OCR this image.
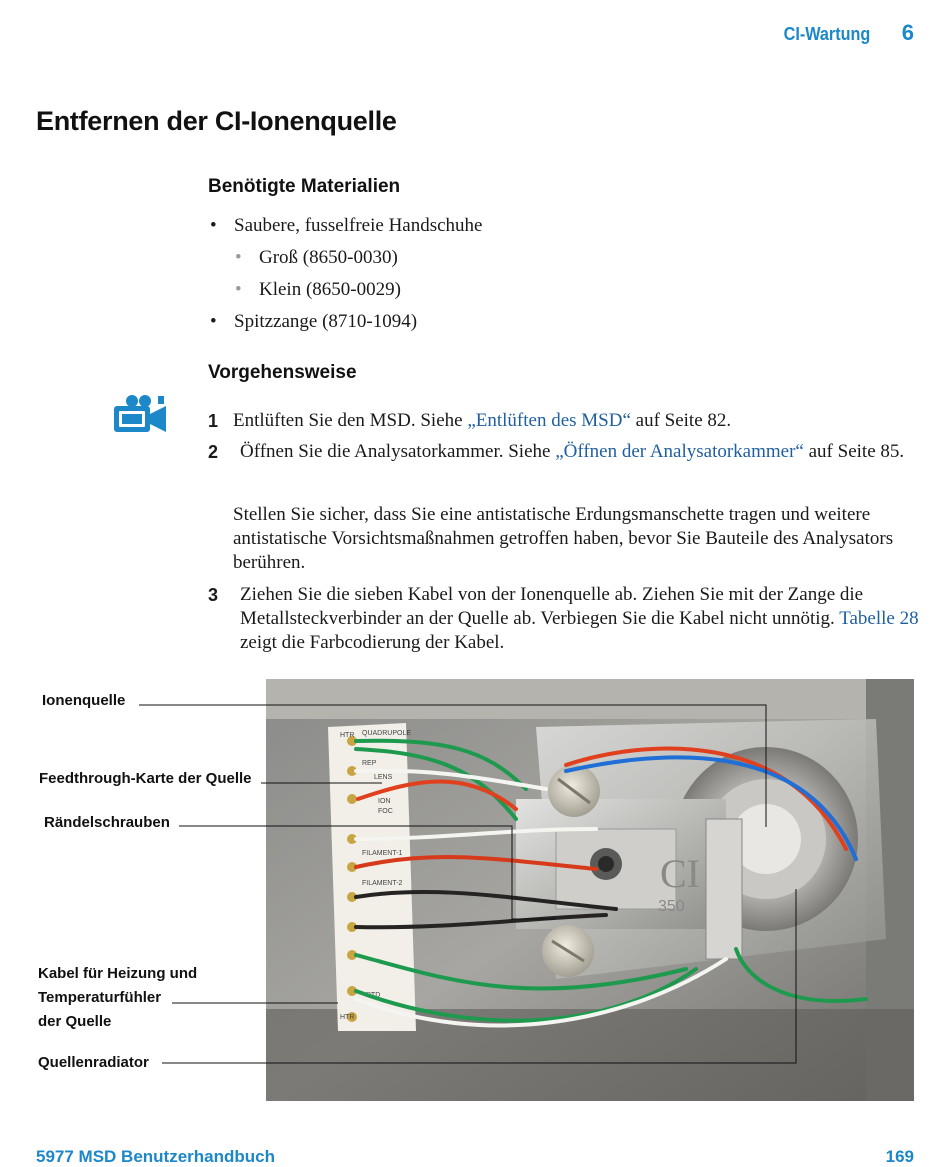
CI-Wartung 6
Entfernen der CI-Ionenquelle
Benötigte Materialien
• Saubere, fusselfreie Handschuhe
• Groß (8650-0030)
• Klein (8650-0029)
• Spitzzange (8710-1094)
Vorgehensweise
1 Entlüften Sie den MSD. Siehe „Entlüften des MSD“ auf Seite 82.
2 Öffnen Sie die Analysatorkammer. Siehe „Öffnen der Analysatorkammer“ auf Seite 85.
Stellen Sie sicher, dass Sie eine antistatische Erdungsmanschette tragen und weitere antistatische Vorsichtsmaßnahmen getroffen haben, bevor Sie Bauteile des Analysators berühren.
3 Ziehen Sie die sieben Kabel von der Ionenquelle ab. Ziehen Sie mit der Zange die Metallsteckverbinder an der Quelle ab. Verbiegen Sie die Kabel nicht unnötig. Tabelle 28 zeigt die Farbcodierung der Kabel.
Ionenquelle
Feedthrough-Karte der Quelle
Rändelschrauben
Kabel für Heizung und
Temperaturfühler
der Quelle
Quellenradiator
HTR QUADRUPOLE
REP
LENS
ION
FOC
FILAMENT-1
FILAMENT-2
RTD
HTR
CI
350
5977 MSD Benutzerhandbuch	169
